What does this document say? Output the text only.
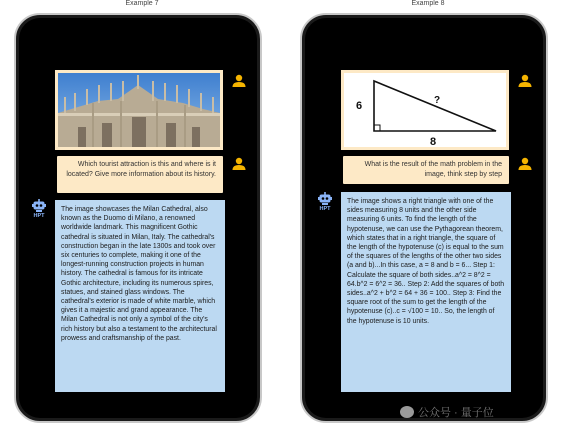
Example 7	Example 8
Which tourist attraction is this and where is it located? Give more information about its history.
HPT
The image showcases the Milan Cathedral, also known as the Duomo di Milano, a renowned worldwide landmark. This magnificent Gothic cathedral is situated in Milan, Italy. The cathedral's construction began in the late 1300s and took over six centuries to complete, making it one of the longest-running construction projects in human history. The cathedral is famous for its intricate Gothic architecture, including its numerous spires, statues, and stained glass windows. The cathedral's exterior is made of white marble, which gives it a majestic and grand appearance. The Milan Cathedral is not only a symbol of the city's rich history but also a testament to the architectural prowess and craftsmanship of the past.
6
8
?
What is the result of the math problem in the image, think step by step
HPT
The image shows a right triangle with one of the sides measuring 8 units and the other side measuring 6 units. To find the length of the hypotenuse, we can use the Pythagorean theorem, which states that in a right triangle, the square of the length of the hypotenuse (c) is equal to the sum of the squares of the lengths of the other two sides (a and b)...In this case, a = 8 and b = 6... Step 1: Calculate the square of both sides..a^2 = 8^2 = 64.b^2 = 6^2 = 36.. Step 2: Add the squares of both sides..a^2 + b^2 = 64 + 36 = 100.. Step 3: Find the square root of the sum to get the length of the hypotenuse (c)..c = √100 = 10.. So, the length of the hypotenuse is 10 units.
公众号 · 量子位
